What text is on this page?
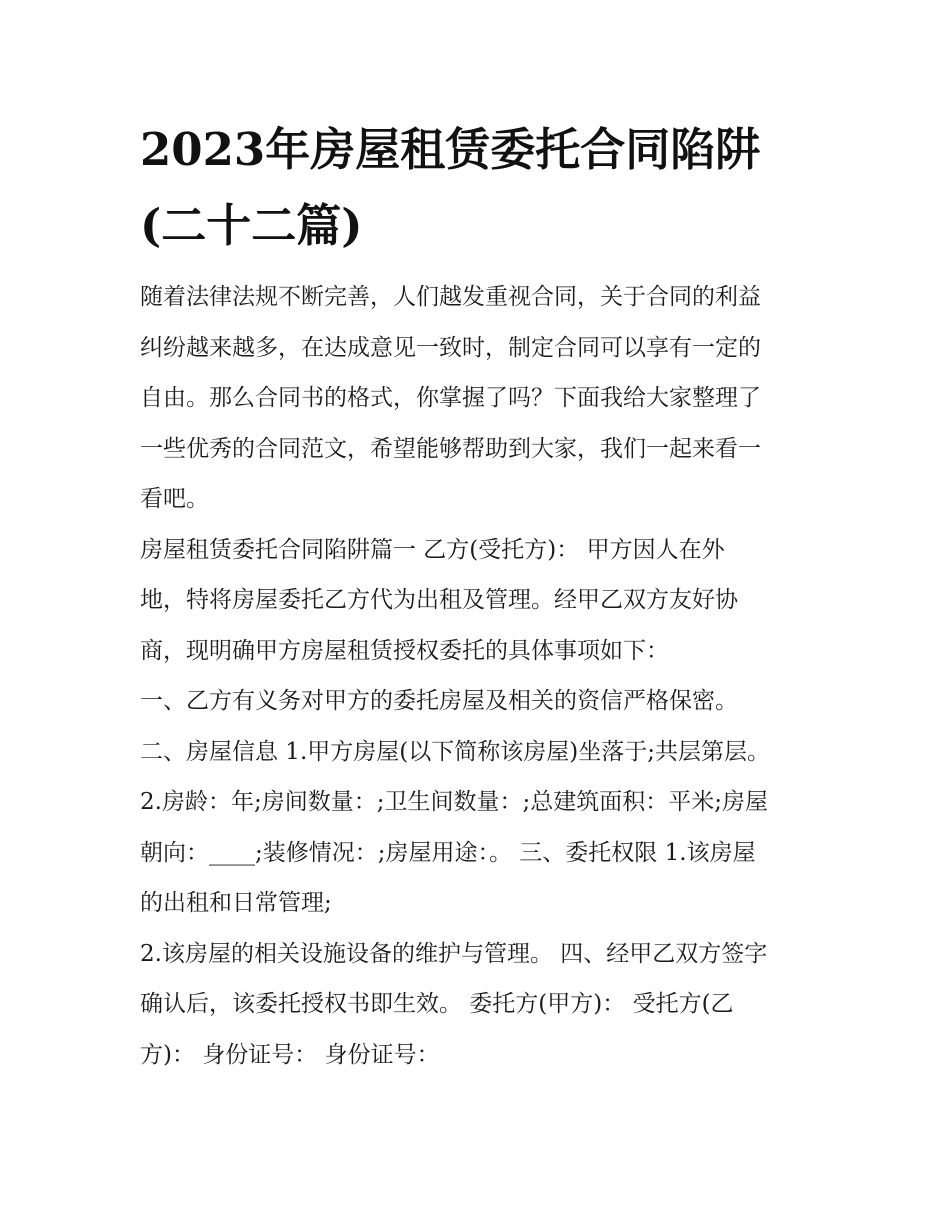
2023年房屋租赁委托合同陷阱
(二十二篇)

随着法律法规不断完善，人们越发重视合同，关于合同的利益
纠纷越来越多，在达成意见一致时，制定合同可以享有一定的
自由。那么合同书的格式，你掌握了吗？下面我给大家整理了
一些优秀的合同范文，希望能够帮助到大家，我们一起来看一
看吧。

房屋租赁委托合同陷阱篇一 乙方(受托方)： 甲方因人在外
地，特将房屋委托乙方代为出租及管理。经甲乙双方友好协
商，现明确甲方房屋租赁授权委托的具体事项如下：

一、乙方有义务对甲方的委托房屋及相关的资信严格保密。

二、房屋信息 1.甲方房屋(以下简称该房屋)坐落于;共层第层。
2.房龄：年;房间数量：;卫生间数量：;总建筑面积：平米;房屋
朝向：____;装修情况：;房屋用途：。 三、委托权限 1.该房屋
的出租和日常管理;

2.该房屋的相关设施设备的维护与管理。 四、经甲乙双方签字
确认后，该委托授权书即生效。 委托方(甲方)： 受托方(乙
方)： 身份证号： 身份证号：
